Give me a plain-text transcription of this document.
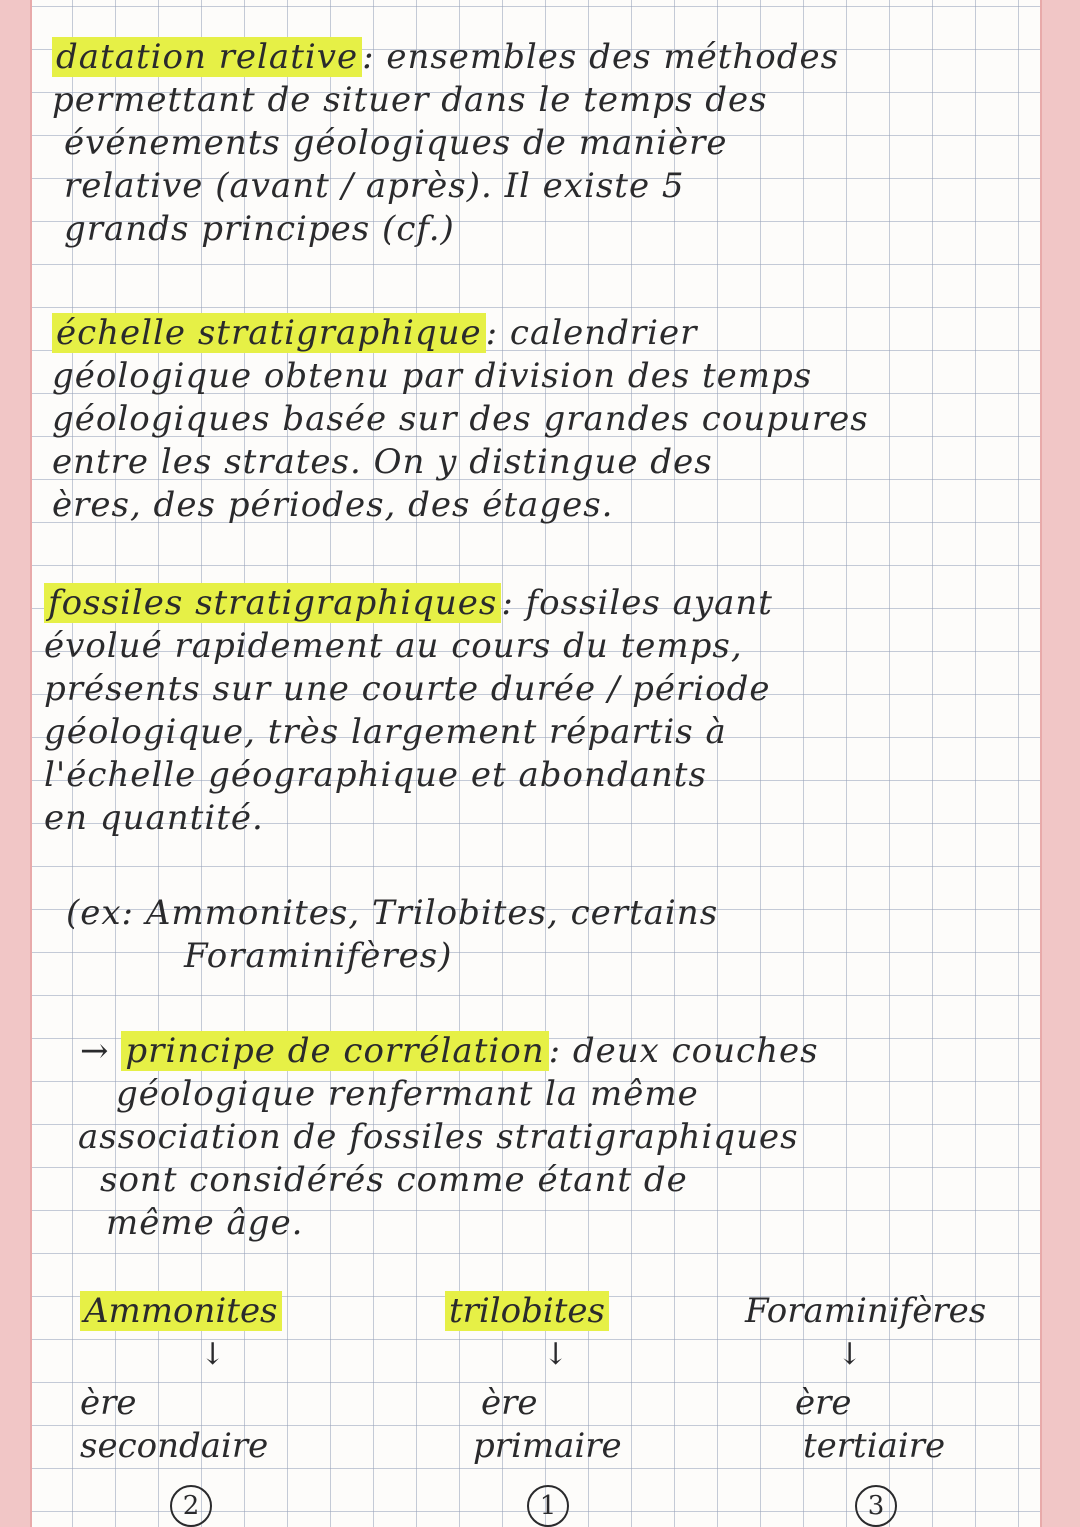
datation relative : ensembles des méthodes
permettant de situer dans le temps des
événements géologiques de manière
relative (avant / après). Il existe 5
grands principes (cf.)
échelle stratigraphique : calendrier
géologique obtenu par division des temps
géologiques basée sur des grandes coupures
entre les strates. On y distingue des
ères, des périodes, des étages.
fossiles stratigraphiques : fossiles ayant
évolué rapidement au cours du temps,
présents sur une courte durée / période
géologique, très largement répartis à
l'échelle géographique et abondants
en quantité.
(ex: Ammonites, Trilobites, certains
Foraminifères)
→ principe de corrélation : deux couches
géologique renfermant la même
association de fossiles stratigraphiques
sont considérés comme étant de
même âge.
Ammonites
↓
ère
secondaire
2
trilobites
↓
ère
primaire
1
Foraminifères
↓
ère
tertiaire
3
